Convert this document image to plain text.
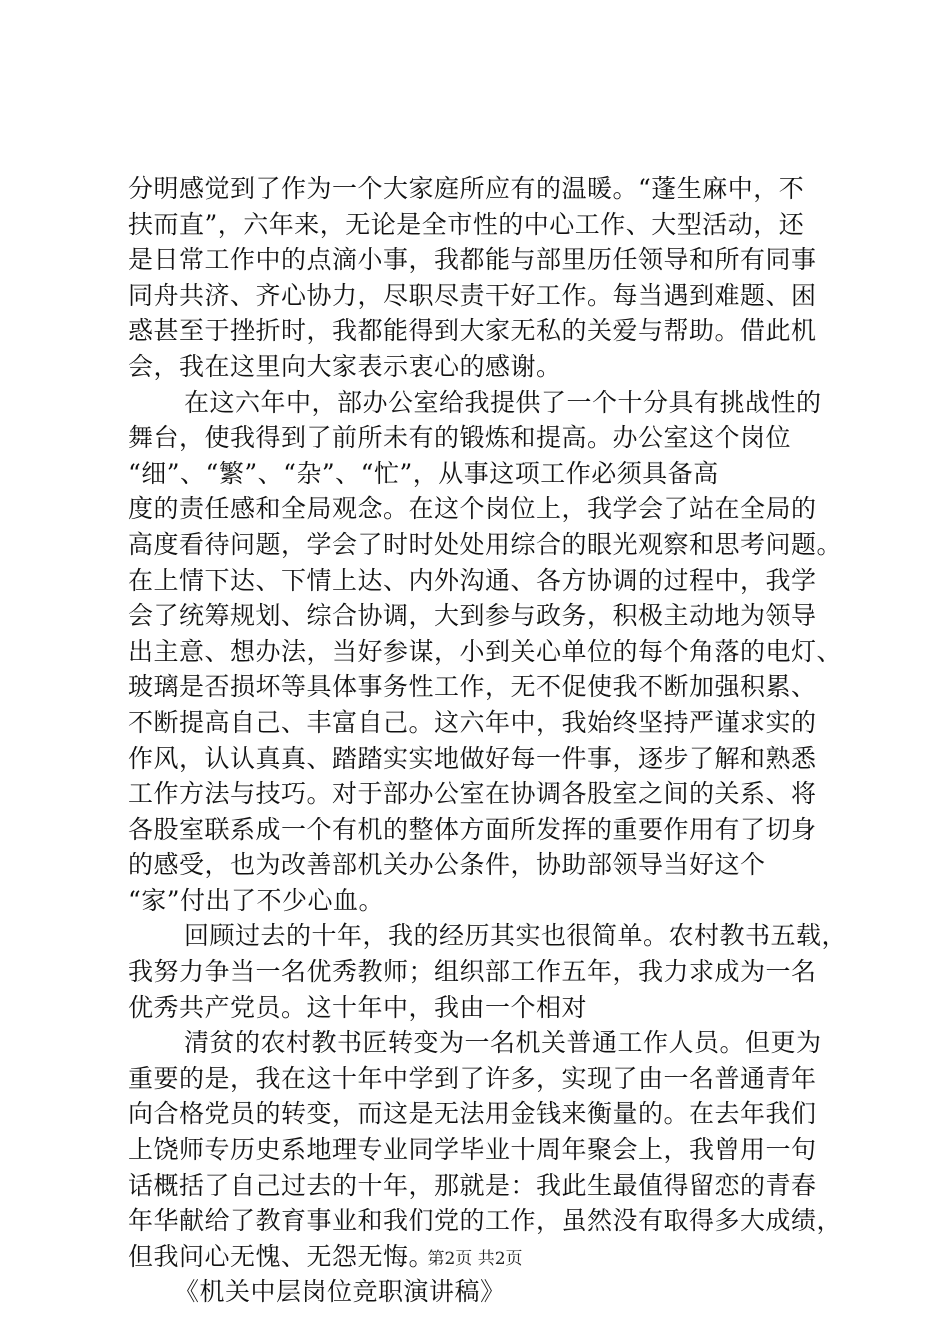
分明感觉到了作为一个大家庭所应有的温暖。“蓬生麻中，不
扶而直”，六年来，无论是全市性的中心工作、大型活动，还
是日常工作中的点滴小事，我都能与部里历任领导和所有同事
同舟共济、齐心协力，尽职尽责干好工作。每当遇到难题、困
惑甚至于挫折时，我都能得到大家无私的关爱与帮助。借此机
会，我在这里向大家表示衷心的感谢。
在这六年中，部办公室给我提供了一个十分具有挑战性的
舞台，使我得到了前所未有的锻炼和提高。办公室这个岗位
“细”、“繁”、“杂”、“忙”，从事这项工作必须具备高
度的责任感和全局观念。在这个岗位上，我学会了站在全局的
高度看待问题，学会了时时处处用综合的眼光观察和思考问题。
在上情下达、下情上达、内外沟通、各方协调的过程中，我学
会了统筹规划、综合协调，大到参与政务，积极主动地为领导
出主意、想办法，当好参谋，小到关心单位的每个角落的电灯、
玻璃是否损坏等具体事务性工作，无不促使我不断加强积累、
不断提高自己、丰富自己。这六年中，我始终坚持严谨求实的
作风，认认真真、踏踏实实地做好每一件事，逐步了解和熟悉
工作方法与技巧。对于部办公室在协调各股室之间的关系、将
各股室联系成一个有机的整体方面所发挥的重要作用有了切身
的感受，也为改善部机关办公条件，协助部领导当好这个
“家”付出了不少心血。
回顾过去的十年，我的经历其实也很简单。农村教书五载，
我努力争当一名优秀教师；组织部工作五年，我力求成为一名
优秀共产党员。这十年中，我由一个相对
清贫的农村教书匠转变为一名机关普通工作人员。但更为
重要的是，我在这十年中学到了许多，实现了由一名普通青年
向合格党员的转变，而这是无法用金钱来衡量的。在去年我们
上饶师专历史系地理专业同学毕业十周年聚会上，我曾用一句
话概括了自己过去的十年，那就是：我此生最值得留恋的青春
年华献给了教育事业和我们党的工作，虽然没有取得多大成绩，
但我问心无愧、无怨无悔。
《机关中层岗位竞职演讲稿》
第2页 共2页
